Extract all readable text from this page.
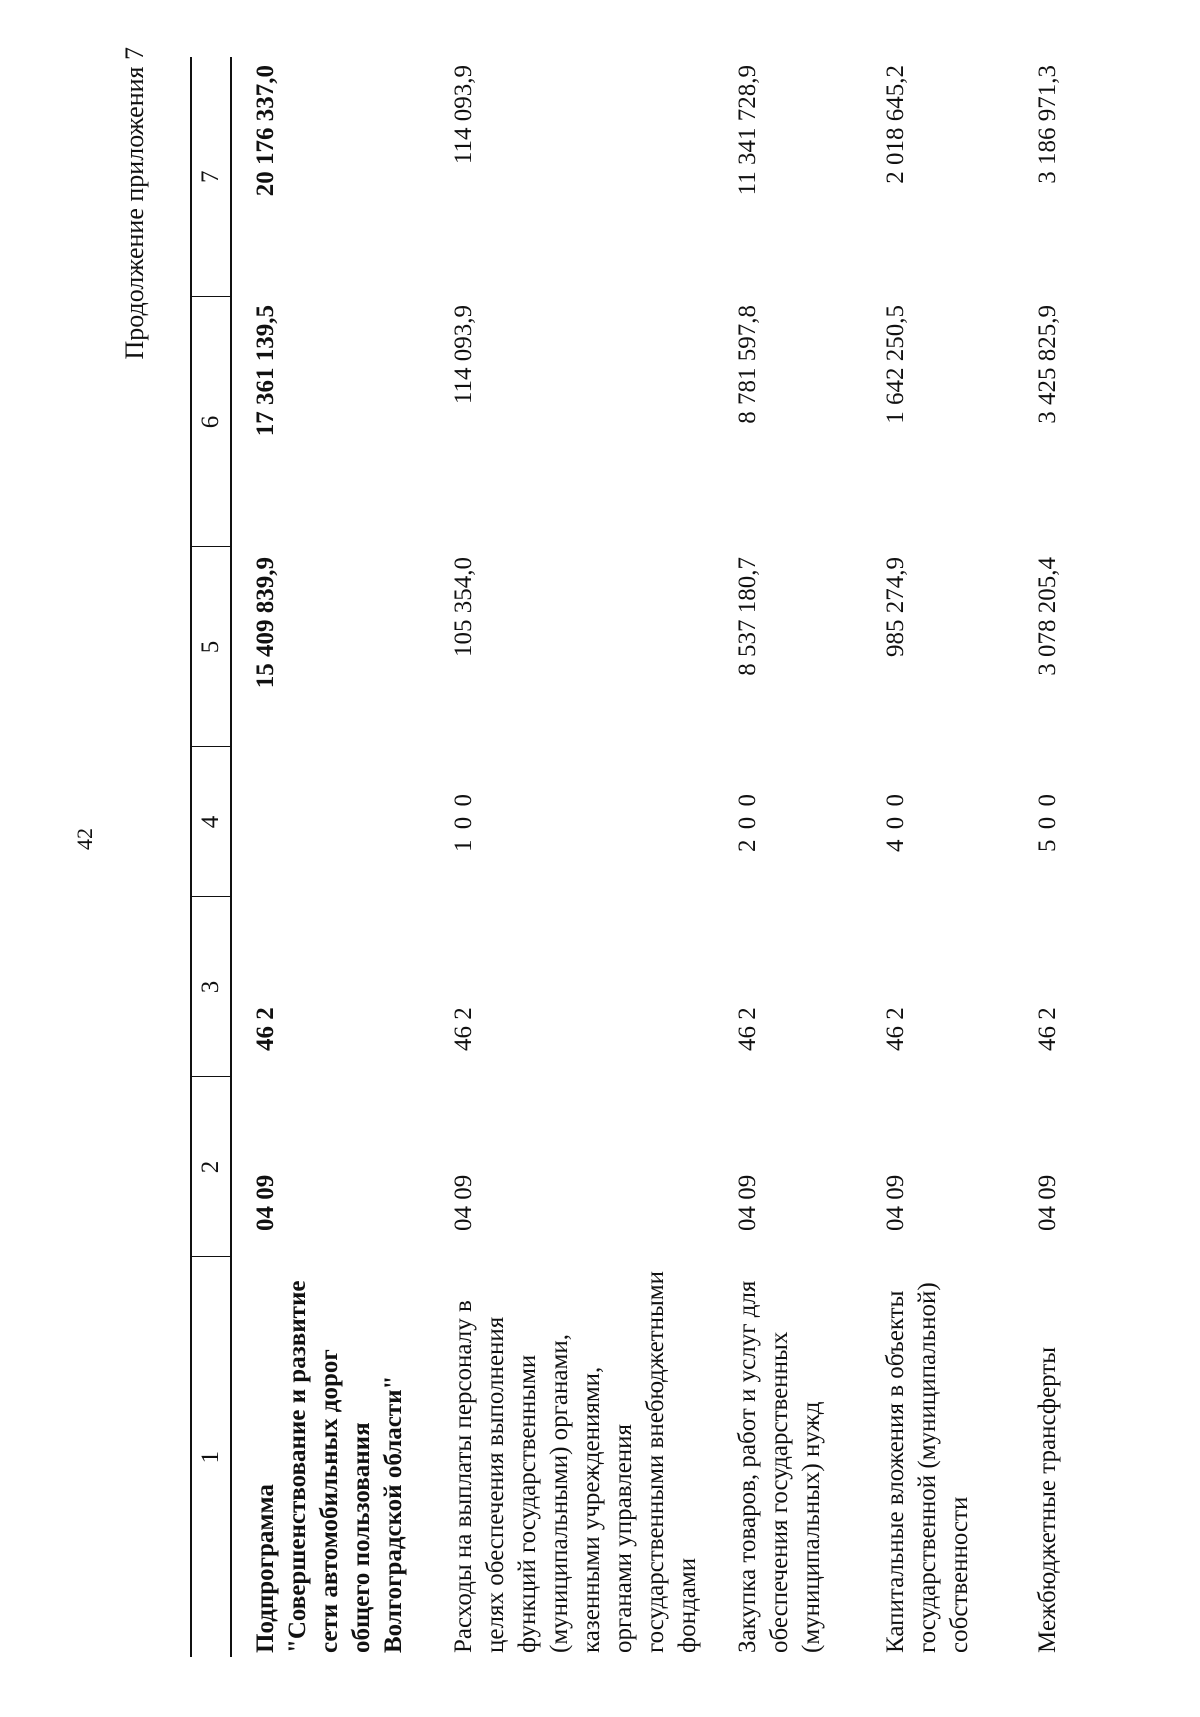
42
Продолжение приложения 7
1	2	3	4	5	6	7
Подпрограмма "Совершенствование и развитие сети автомобильных дорог общего пользования Волгоградской области"	04 09	46 2		15 409 839,9	17 361 139,5	20 176 337,0
Расходы на выплаты персоналу в целях обеспечения выполнения функций государственными (муниципальными) органами, казенными учреждениями, органами управления государственными внебюджетными фондами	04 09	46 2	1 0 0	105 354,0	114 093,9	114 093,9
Закупка товаров, работ и услуг для обеспечения государственных (муниципальных) нужд	04 09	46 2	2 0 0	8 537 180,7	8 781 597,8	11 341 728,9
Капитальные вложения в объекты государственной (муниципальной) собственности	04 09	46 2	4 0 0	985 274,9	1 642 250,5	2 018 645,2
Межбюджетные трансферты	04 09	46 2	5 0 0	3 078 205,4	3 425 825,9	3 186 971,3
